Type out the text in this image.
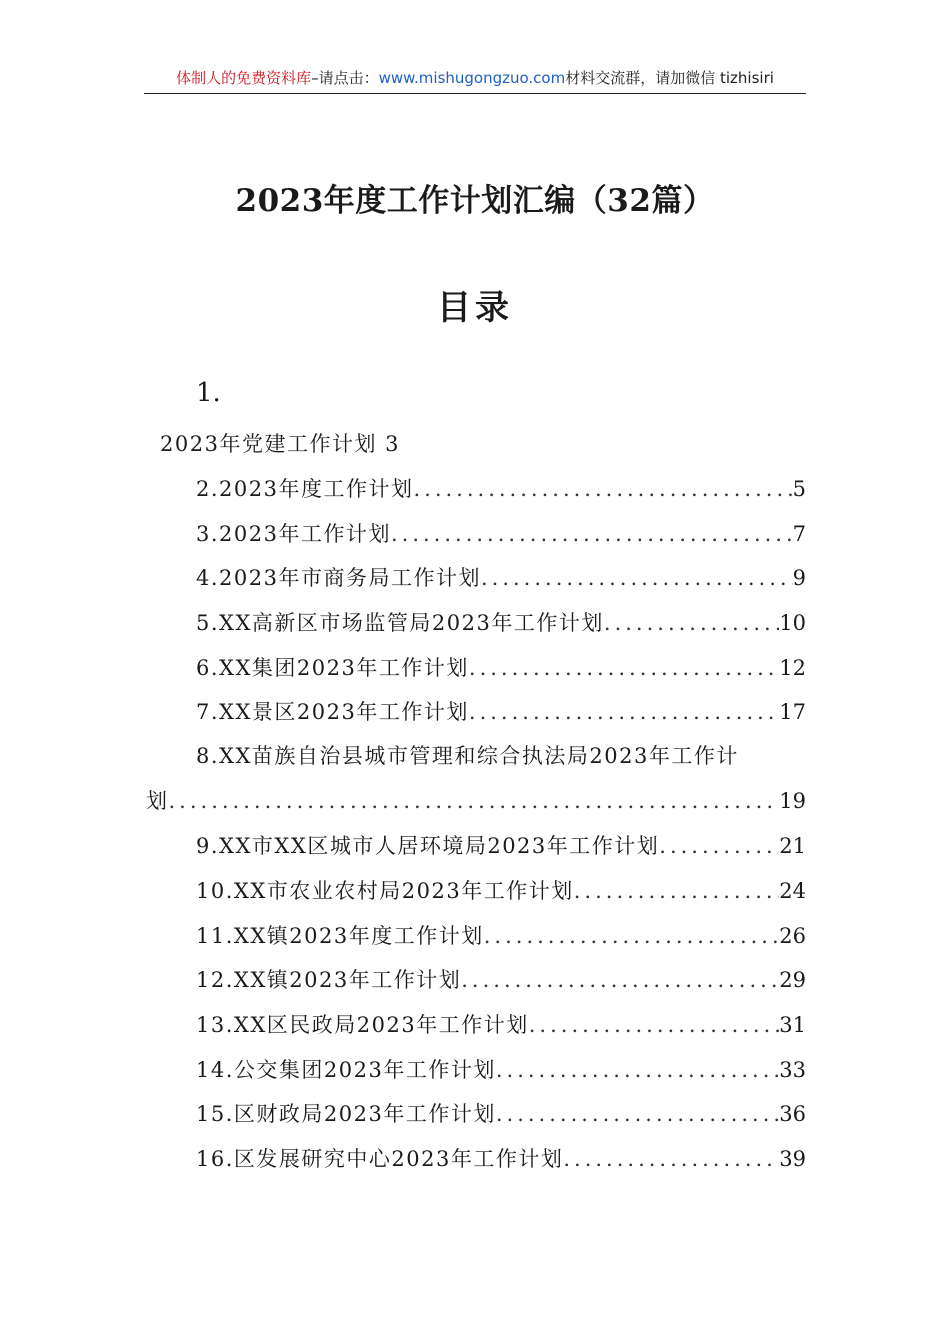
体制人的免费资料库–请点击：www.mishugongzuo.com材料交流群，请加微信 tizhisiri
2023年度工作计划汇编（32篇）
目录
1.
2023年党建工作计划 3
2.2023年度工作计划 .....	5
3.2023年工作计划 .....	7
4.2023年市商务局工作计划 .....	9
5.XX高新区市场监管局2023年工作计划 .....	10
6.XX集团2023年工作计划 .....	12
7.XX景区2023年工作计划 .....	17
8.XX苗族自治县城市管理和综合执法局2023年工作计
划 .....	19
9.XX市XX区城市人居环境局2023年工作计划 .....	21
10.XX市农业农村局2023年工作计划 .....	24
11.XX镇2023年度工作计划 .....	26
12.XX镇2023年工作计划 .....	29
13.XX区民政局2023年工作计划 .....	31
14.公交集团2023年工作计划 .....	33
15.区财政局2023年工作计划 .....	36
16.区发展研究中心2023年工作计划 .....	39
